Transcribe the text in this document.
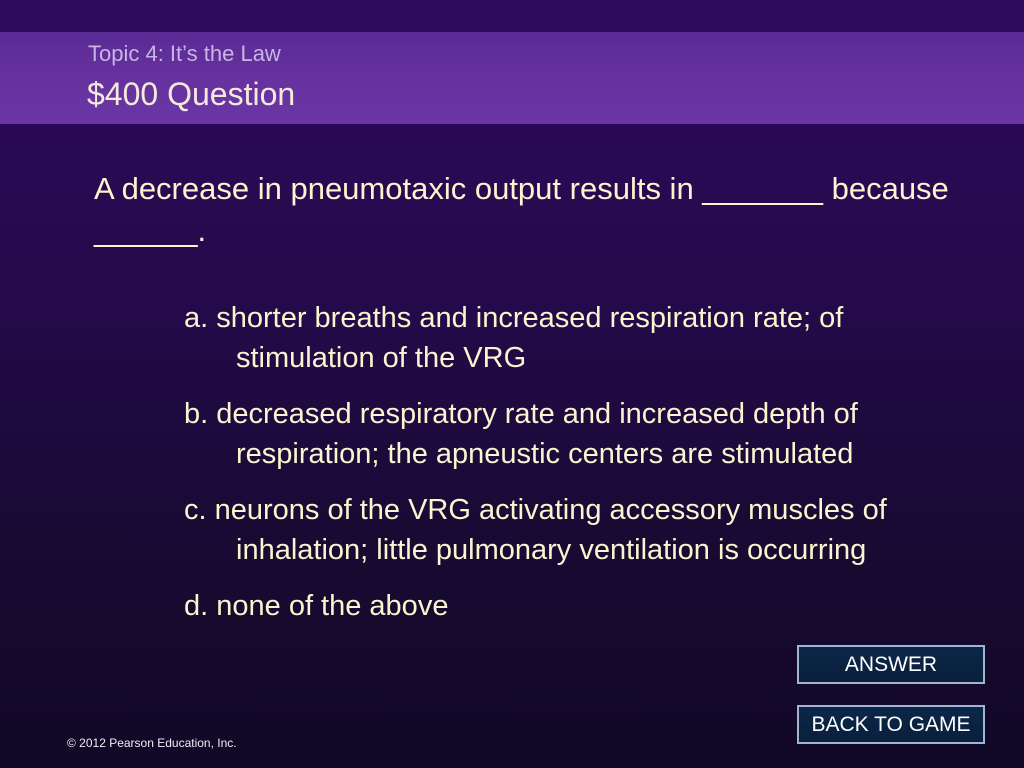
Topic 4: It’s the Law
$400 Question
A decrease in pneumotaxic output results in _______ because ______.
a. shorter breaths and increased respiration rate; of stimulation of the VRG
b. decreased respiratory rate and increased depth of respiration; the apneustic centers are stimulated
c. neurons of the VRG activating accessory muscles of inhalation; little pulmonary ventilation is occurring
d. none of the above
ANSWER
BACK TO GAME
© 2012 Pearson Education, Inc.
